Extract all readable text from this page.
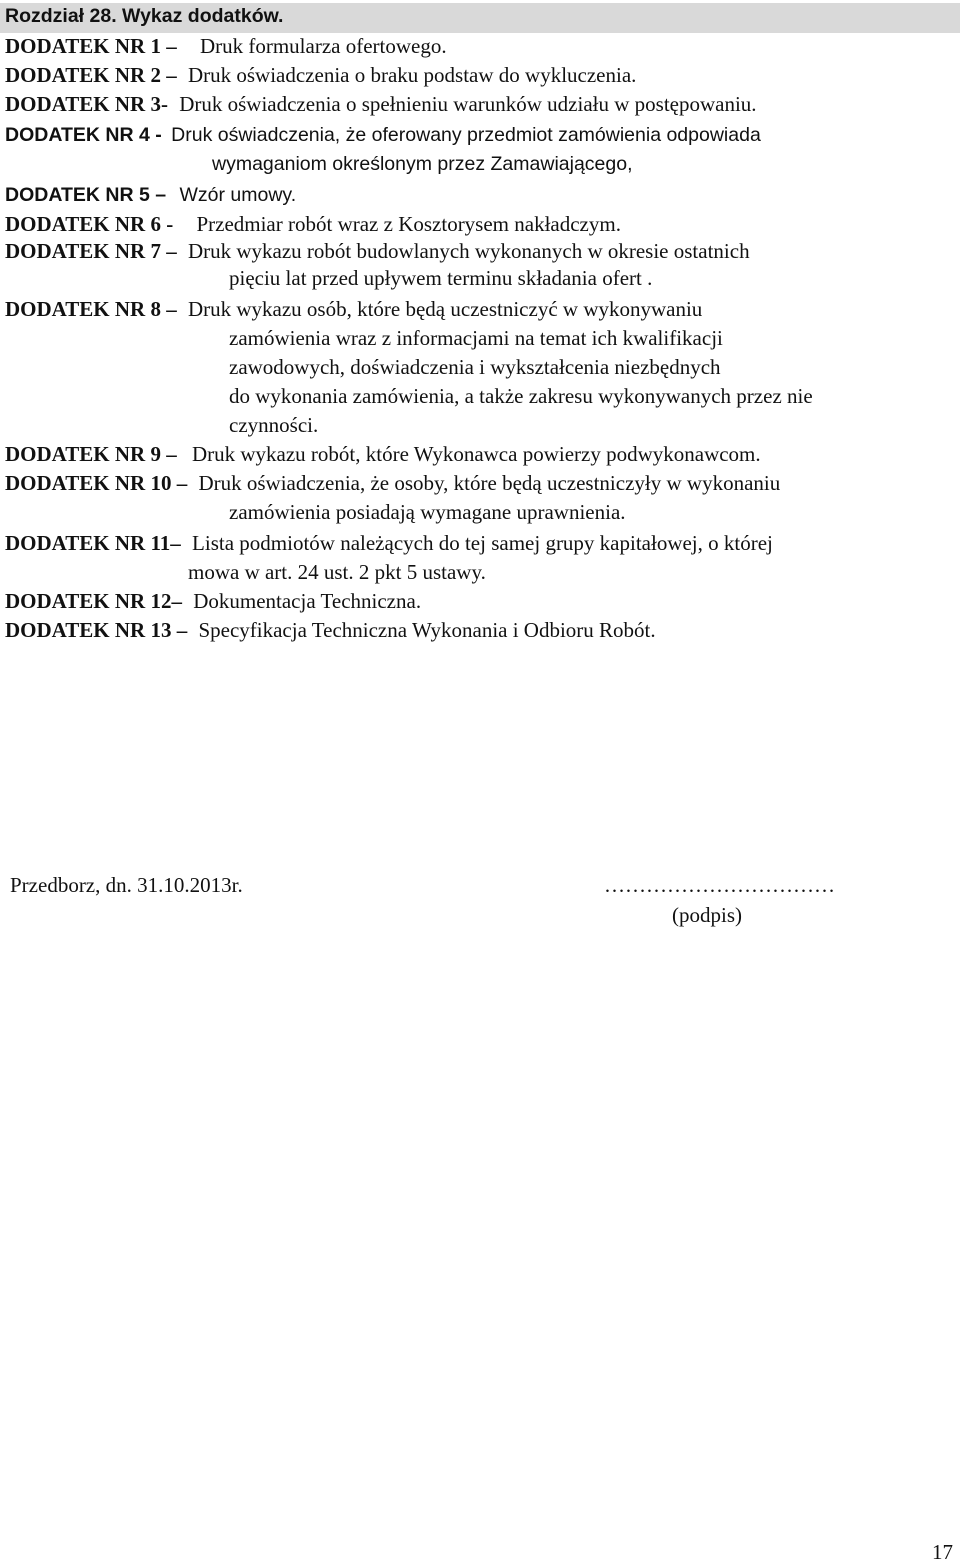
Rozdział 28. Wykaz dodatków.
DODATEK NR 1 – Druk formularza ofertowego.
DODATEK NR 2 – Druk oświadczenia o braku podstaw do wykluczenia.
DODATEK NR 3- Druk oświadczenia o spełnieniu warunków udziału w postępowaniu.
DODATEK NR 4 - Druk oświadczenia, że oferowany przedmiot zamówienia odpowiada
wymaganiom określonym przez Zamawiającego,
DODATEK NR 5 – Wzór umowy.
DODATEK NR 6 - Przedmiar robót wraz z Kosztorysem nakładczym.
DODATEK NR 7 – Druk wykazu robót budowlanych wykonanych w okresie ostatnich
pięciu lat przed upływem terminu składania ofert .
DODATEK NR 8 – Druk wykazu osób, które będą uczestniczyć w wykonywaniu
zamówienia wraz z informacjami na temat ich kwalifikacji
zawodowych, doświadczenia i wykształcenia niezbędnych
do wykonania zamówienia, a także zakresu wykonywanych przez nie
czynności.
DODATEK NR 9 – Druk wykazu robót, które Wykonawca powierzy podwykonawcom.
DODATEK NR 10 – Druk oświadczenia, że osoby, które będą uczestniczyły w wykonaniu
zamówienia posiadają wymagane uprawnienia.
DODATEK NR 11– Lista podmiotów należących do tej samej grupy kapitałowej, o której
mowa w art. 24 ust. 2 pkt 5 ustawy.
DODATEK NR 12– Dokumentacja Techniczna.
DODATEK NR 13 – Specyfikacja Techniczna Wykonania i Odbioru Robót.
Przedborz, dn. 31.10.2013r.	……………………………
(podpis)
17
